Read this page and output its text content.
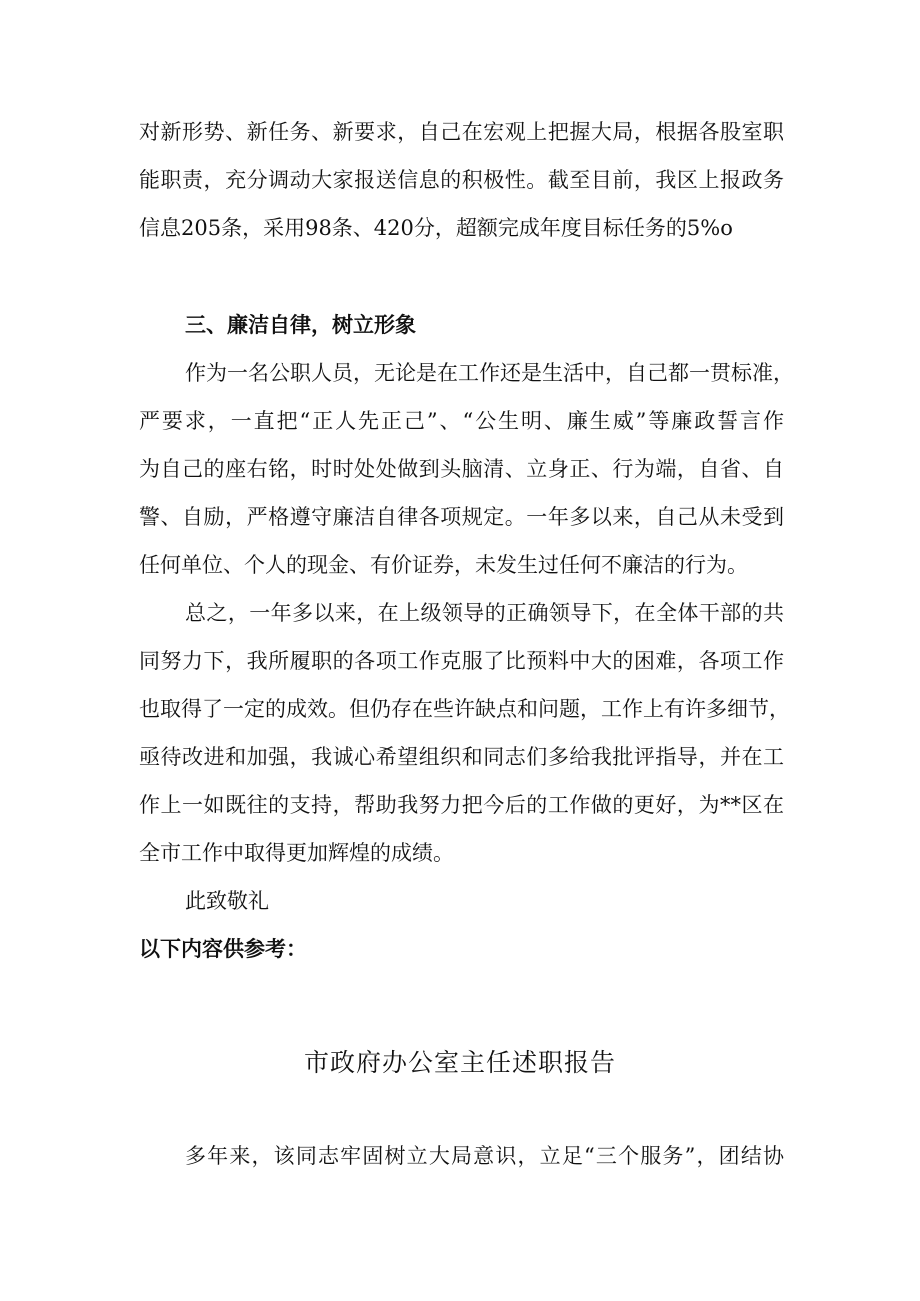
对新形势、新任务、新要求，自己在宏观上把握大局，根据各股室职
能职责，充分调动大家报送信息的积极性。截至目前，我区上报政务
信息205条，采用98条、420分，超额完成年度目标任务的5%o
三、廉洁自律，树立形象
作为一名公职人员，无论是在工作还是生活中，自己都一贯标准，
严要求，一直把“正人先正己”、“公生明、廉生威”等廉政誓言作
为自己的座右铭，时时处处做到头脑清、立身正、行为端，自省、自
警、自励，严格遵守廉洁自律各项规定。一年多以来，自己从未受到
任何单位、个人的现金、有价证券，未发生过任何不廉洁的行为。
总之，一年多以来，在上级领导的正确领导下，在全体干部的共
同努力下，我所履职的各项工作克服了比预料中大的困难，各项工作
也取得了一定的成效。但仍存在些许缺点和问题，工作上有许多细节，
亟待改进和加强，我诚心希望组织和同志们多给我批评指导，并在工
作上一如既往的支持，帮助我努力把今后的工作做的更好，为**区在
全市工作中取得更加辉煌的成绩。
此致敬礼
以下内容供参考：
市政府办公室主任述职报告
多年来，该同志牢固树立大局意识，立足“三个服务”，团结协
